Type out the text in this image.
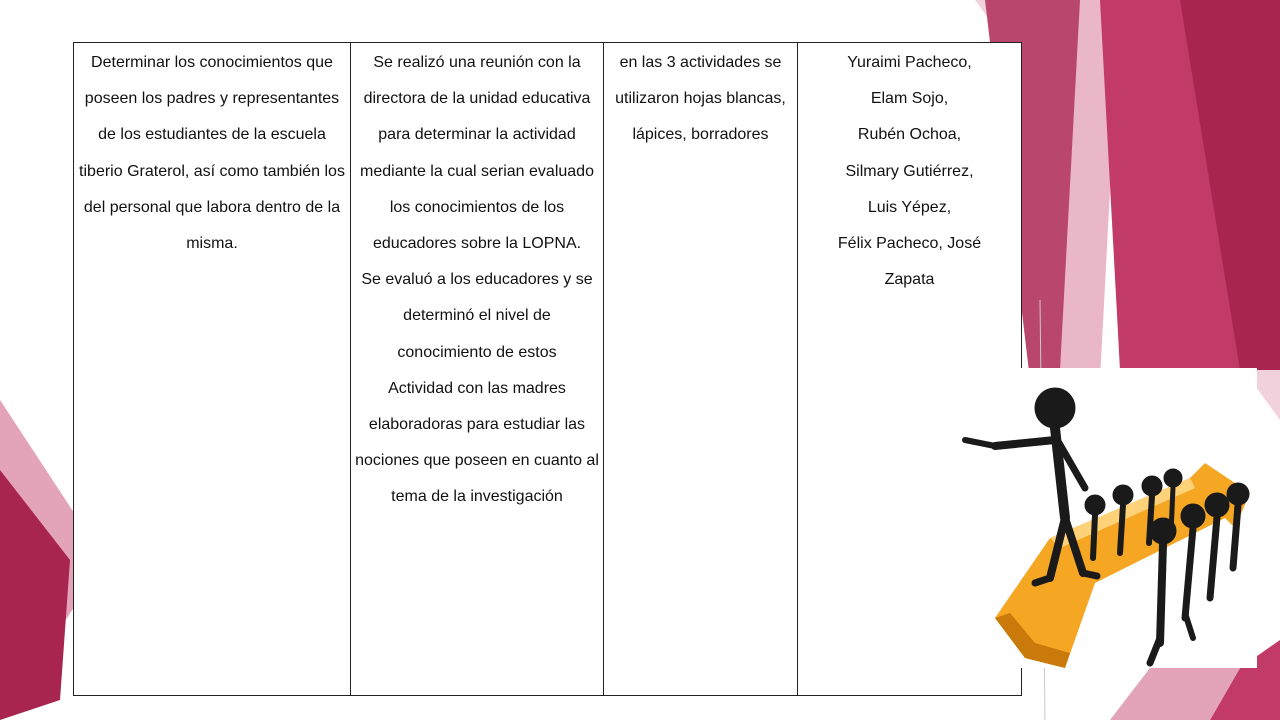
Determinar los conocimientos que poseen los padres y representantes de los estudiantes de la escuela tiberio Graterol, así como también los del personal que labora dentro de la misma.
Se realizó una reunión con la directora de la unidad educativa para determinar la actividad mediante la cual serian evaluado los conocimientos de los educadores sobre la LOPNA.
Se evaluó a los educadores y se determinó el nivel de conocimiento de estos
Actividad con las madres elaboradoras para estudiar las nociones que poseen en cuanto al tema de la investigación
en las 3 actividades se utilizaron hojas blancas, lápices, borradores
Yuraimi Pacheco,
Elam Sojo,
Rubén Ochoa,
Silmary Gutiérrez,
Luis Yépez,
Félix Pacheco, José Zapata
